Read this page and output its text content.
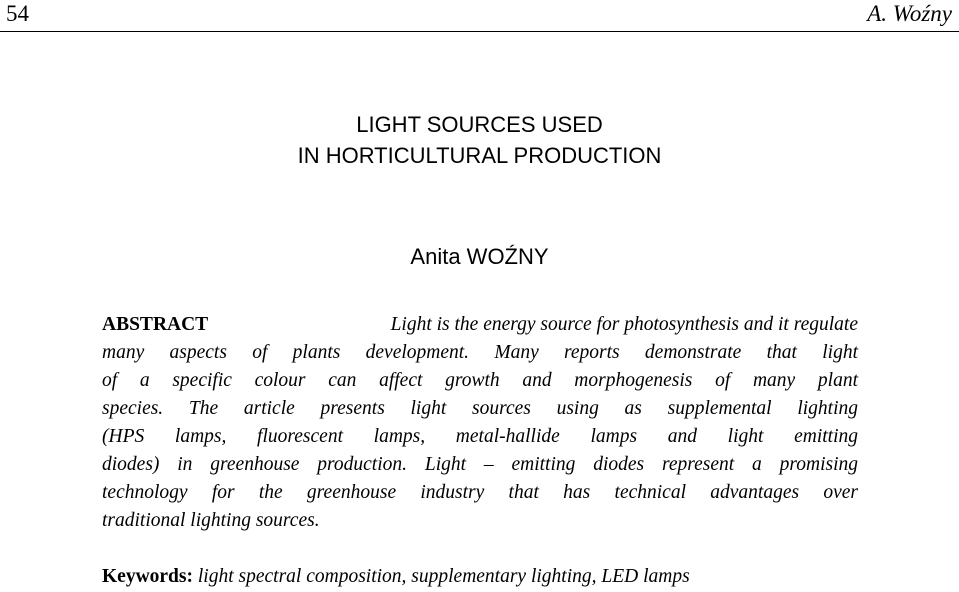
54	A. Woźny
LIGHT SOURCES USED
IN HORTICULTURAL PRODUCTION
Anita WOŹNY
ABSTRACT	Light is the energy source for photosynthesis and it regulate
many aspects of plants development. Many reports demonstrate that light
of a specific colour can affect growth and morphogenesis of many plant
species. The article presents light sources using as supplemental lighting
(HPS lamps, fluorescent lamps, metal-hallide lamps and light emitting
diodes) in greenhouse production. Light – emitting diodes represent a promising
technology for the greenhouse industry that has technical advantages over
traditional lighting sources.
Keywords: light spectral composition, supplementary lighting, LED lamps
